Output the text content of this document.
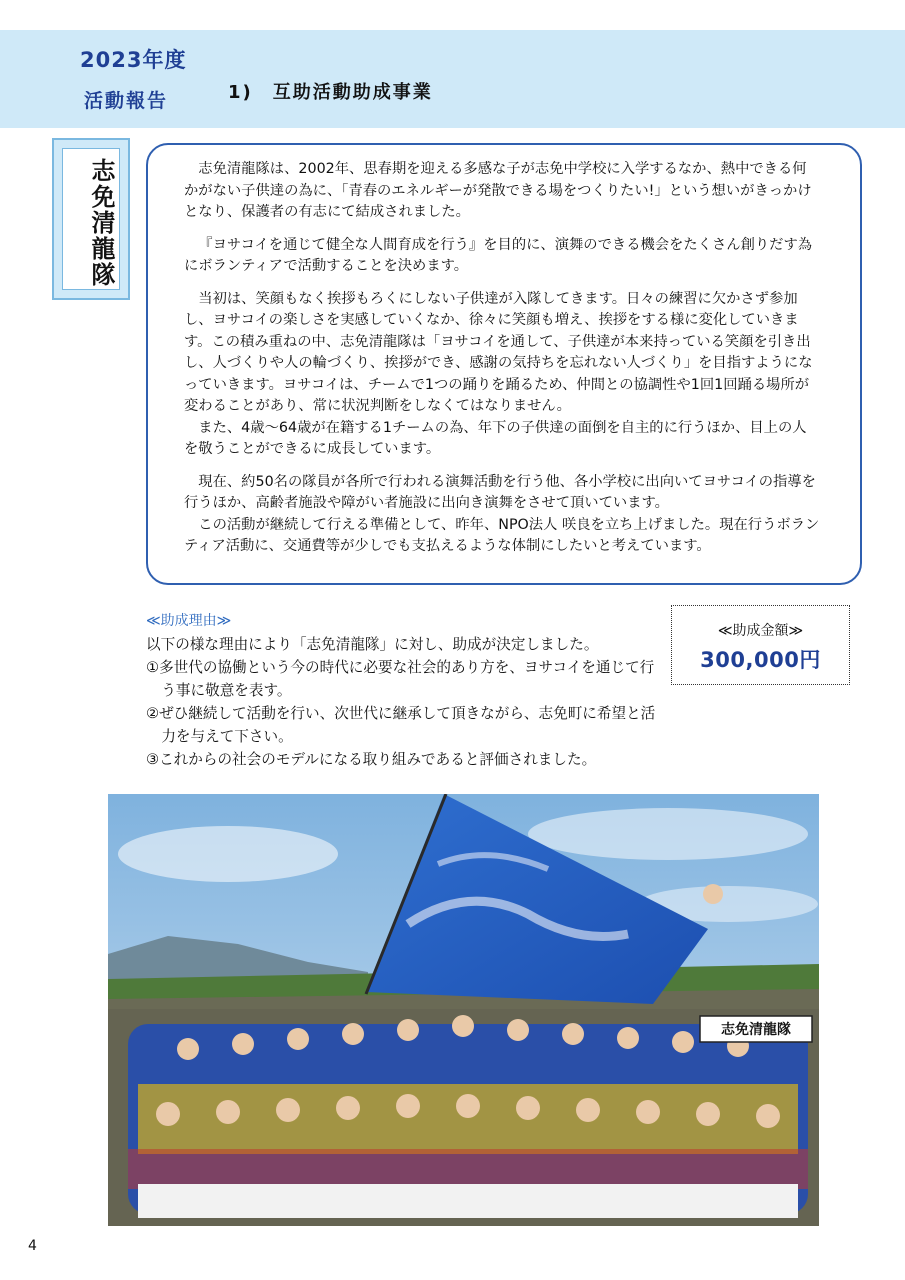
2023年度
活動報告	1) 互助活動助成事業
志免清龍隊	志免清龍隊は、2002年、思春期を迎える多感な子が志免中学校に入学するなか、熱中できる何かがない子供達の為に、「青春のエネルギーが発散できる場をつくりたい!」という想いがきっかけとなり、保護者の有志にて結成されました。

『ヨサコイを通じて健全な人間育成を行う』を目的に、演舞のできる機会をたくさん創りだす為にボランティアで活動することを決めます。

当初は、笑顔もなく挨拶もろくにしない子供達が入隊してきます。日々の練習に欠かさず参加し、ヨサコイの楽しさを実感していくなか、徐々に笑顔も増え、挨拶をする様に変化していきます。この積み重ねの中、志免清龍隊は「ヨサコイを通して、子供達が本来持っている笑顔を引き出し、人づくりや人の輪づくり、挨拶ができ、感謝の気持ちを忘れない人づくり」を目指すようになっていきます。ヨサコイは、チームで1つの踊りを踊るため、仲間との協調性や1回1回踊る場所が変わることがあり、常に状況判断をしなくてはなりません。

また、4歳～64歳が在籍する1チームの為、年下の子供達の面倒を自主的に行うほか、目上の人を敬うことができるに成長しています。

現在、約50名の隊員が各所で行われる演舞活動を行う他、各小学校に出向いてヨサコイの指導を行うほか、高齢者施設や障がい者施設に出向き演舞をさせて頂いています。

この活動が継続して行える準備として、昨年、NPO法人 咲良を立ち上げました。現在行うボランティア活動に、交通費等が少しでも支払えるような体制にしたいと考えています。

≪助成理由≫
以下の様な理由により「志免清龍隊」に対し、助成が決定しました。
①多世代の協働という今の時代に必要な社会的あり方を、ヨサコイを通じて行う事に敬意を表す。
②ぜひ継続して活動を行い、次世代に継承して頂きながら、志免町に希望と活力を与えて下さい。
③これからの社会のモデルになる取り組みであると評価されました。
≪助成金額≫
300,000円
志免清龍隊
4
